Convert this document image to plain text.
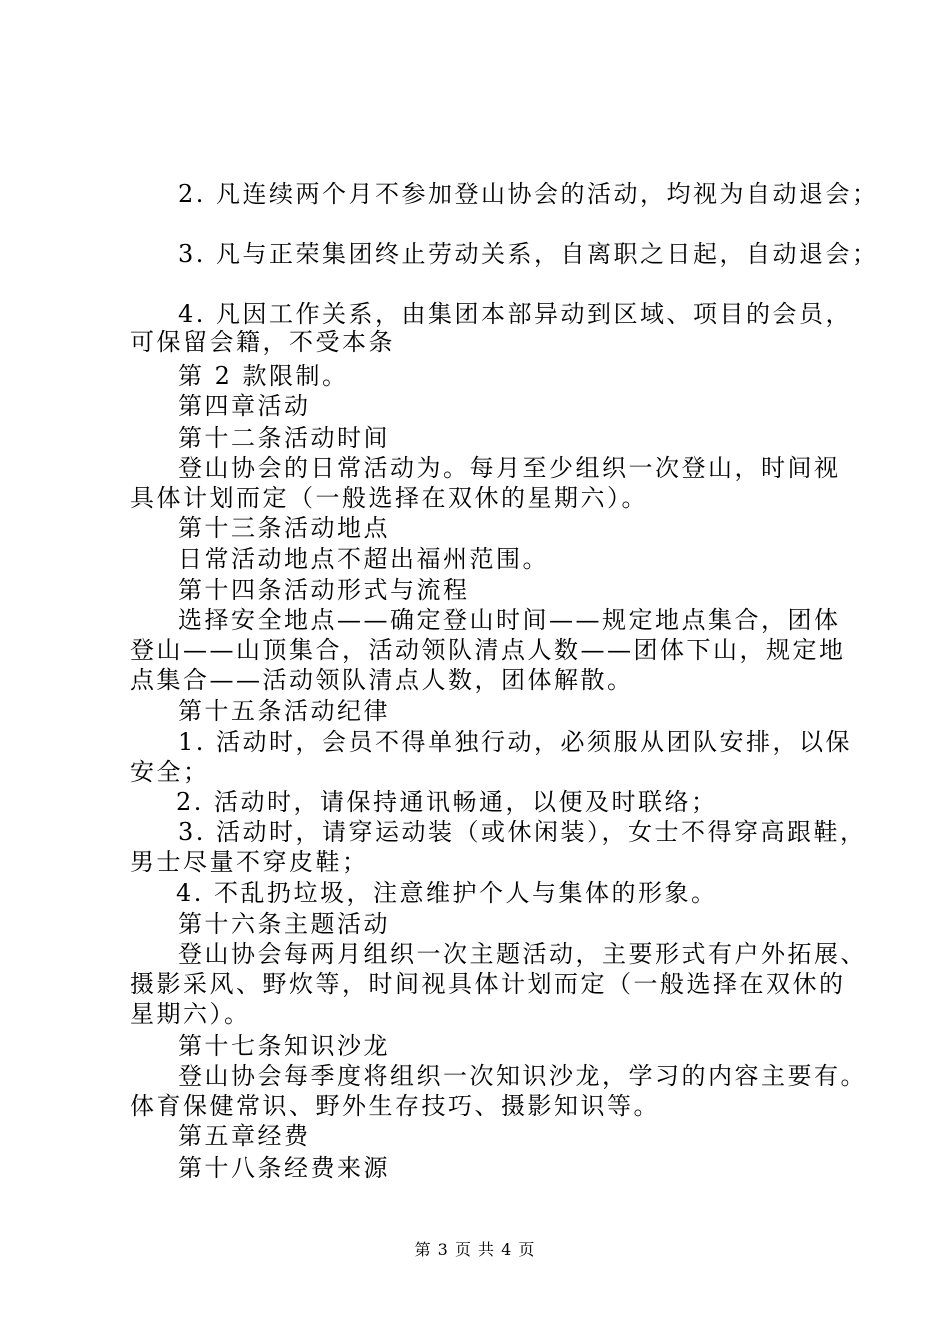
2. 凡连续两个月不参加登山协会的活动，均视为自动退会；
3. 凡与正荣集团终止劳动关系，自离职之日起，自动退会；
4. 凡因工作关系，由集团本部异动到区域、项目的会员，
可保留会籍，不受本条
第 2 款限制。
第四章活动
第十二条活动时间
登山协会的日常活动为。每月至少组织一次登山，时间视
具体计划而定（一般选择在双休的星期六）。
第十三条活动地点
日常活动地点不超出福州范围。
第十四条活动形式与流程
选择安全地点——确定登山时间——规定地点集合，团体
登山——山顶集合，活动领队清点人数——团体下山，规定地
点集合——活动领队清点人数，团体解散。
第十五条活动纪律
1. 活动时，会员不得单独行动，必须服从团队安排，以保
安全；
2. 活动时，请保持通讯畅通，以便及时联络；
3. 活动时，请穿运动装（或休闲装），女士不得穿高跟鞋，
男士尽量不穿皮鞋；
4. 不乱扔垃圾，注意维护个人与集体的形象。
第十六条主题活动
登山协会每两月组织一次主题活动，主要形式有户外拓展、
摄影采风、野炊等，时间视具体计划而定（一般选择在双休的
星期六）。
第十七条知识沙龙
登山协会每季度将组织一次知识沙龙，学习的内容主要有。
体育保健常识、野外生存技巧、摄影知识等。
第五章经费
第十八条经费来源
第 3 页 共 4 页
